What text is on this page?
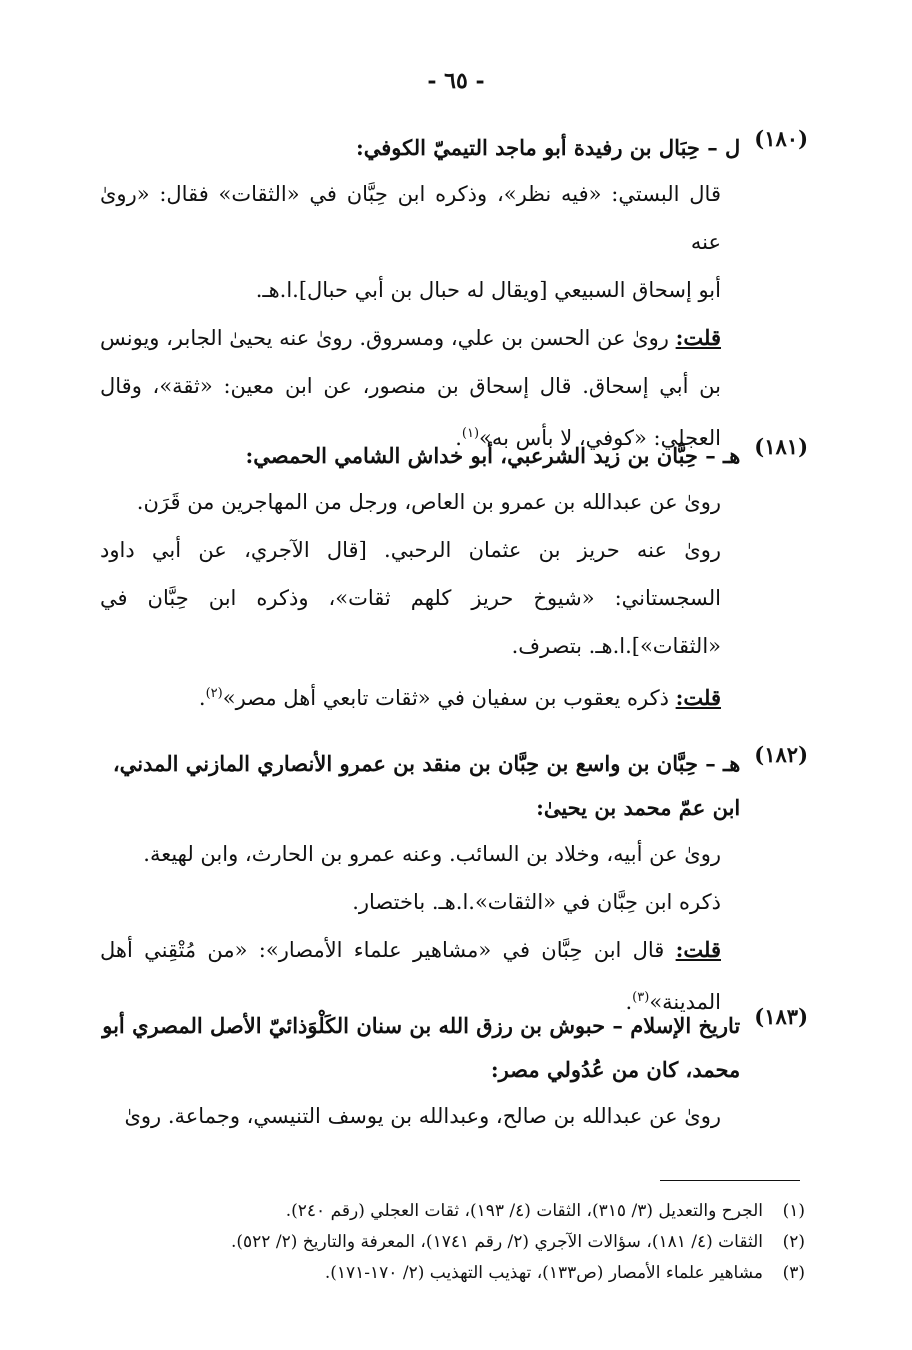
- ٦٥ -
(١٨٠)
ل – حِبَال بن رفيدة أبو ماجد التيميّ الكوفي:
قال البستي: «فيه نظر»، وذكره ابن حِبَّان في «الثقات» فقال: «روىٰ عنه
أبو إسحاق السبيعي [ويقال له حبال بن أبي حبال].ا.هـ.
قلت: روىٰ عن الحسن بن علي، ومسروق. روىٰ عنه يحيىٰ الجابر، ويونس بن أبي إسحاق. قال إسحاق بن منصور، عن ابن معين: «ثقة»، وقال العجلي: «كوفي، لا بأس به»$^{(١)}$.	(١٨١)
هـ – حِبَّان بن زيد الشرعبي، أبو خداش الشامي الحمصي:
روىٰ عن عبدالله بن عمرو بن العاص، ورجل من المهاجرين من قَرَن.
روىٰ عنه حريز بن عثمان الرحبي. [قال الآجري، عن أبي داود السجستاني: «شيوخ حريز كلهم ثقات»، وذكره ابن حِبَّان في «الثقات»].ا.هـ. بتصرف.
قلت: ذكره يعقوب بن سفيان في «ثقات تابعي أهل مصر»$^{(٢)}$.
(١٨٢)
هـ – حِبَّان بن واسع بن حِبَّان بن منقد بن عمرو الأنصاري المازني المدني، ابن عمّ محمد بن يحيىٰ:
روىٰ عن أبيه، وخلاد بن السائب. وعنه عمرو بن الحارث، وابن لهيعة.
ذكره ابن حِبَّان في «الثقات».ا.هـ. باختصار.
قلت: قال ابن حِبَّان في «مشاهير علماء الأمصار»: «من مُتْقِني أهل المدينة»$^{(٣)}$.
(١٨٣)
تاريخ الإسلام – حبوش بن رزق الله بن سنان الكَلْوَذائيّ الأصل المصري أبو محمد، كان من عُدُولي مصر:
روىٰ عن عبدالله بن صالح، وعبدالله بن يوسف التنيسي، وجماعة. روىٰ
(١)
الجرح والتعديل (٣/ ٣١٥)، الثقات (٤/ ١٩٣)، ثقات العجلي (رقم ٢٤٠).
(٢)
الثقات (٤/ ١٨١)، سؤالات الآجري (٢/ رقم ١٧٤١)، المعرفة والتاريخ (٢/ ٥٢٢).
(٣)
مشاهير علماء الأمصار (ص١٣٣)، تهذيب التهذيب (٢/ ١٧٠-١٧١).
